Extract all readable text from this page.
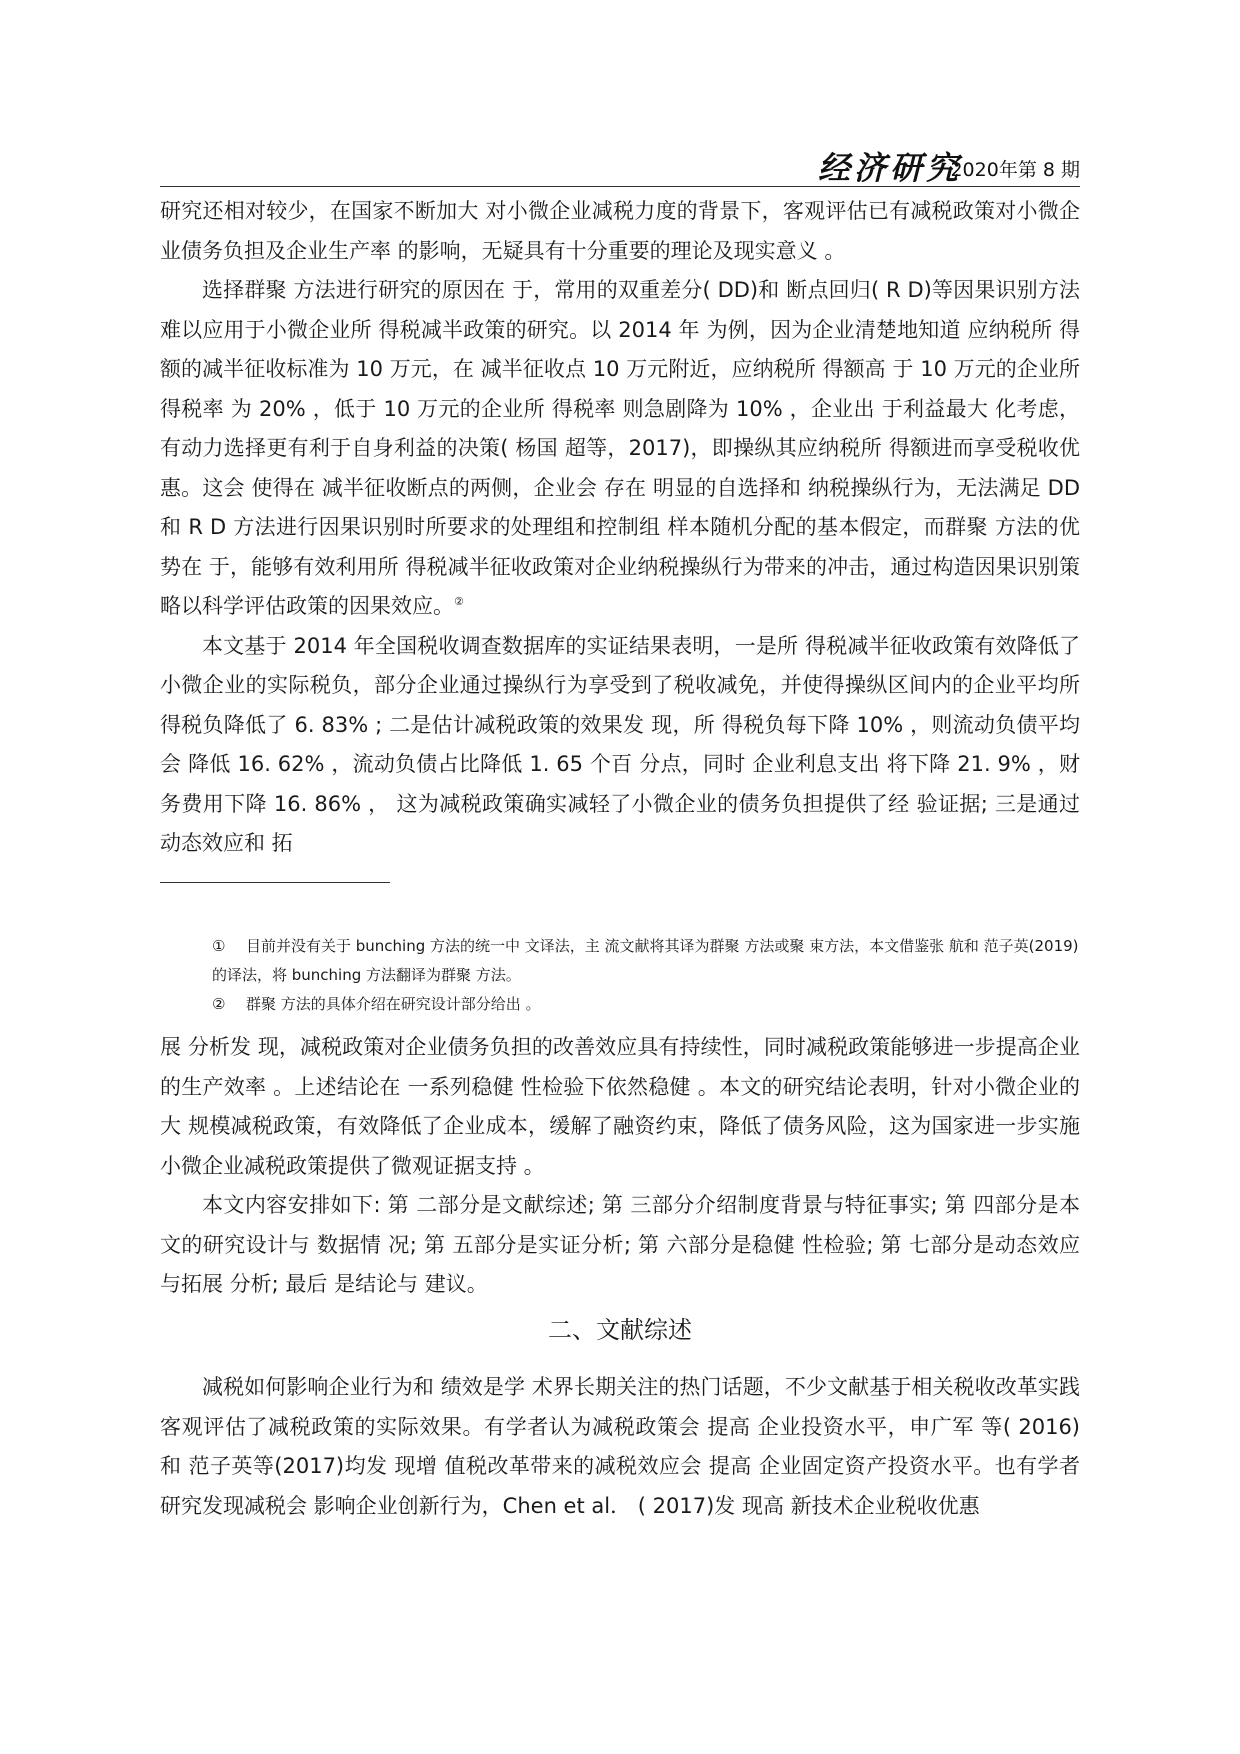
经济研究
2020年第 8 期

研究还相对较少，在国家不断加大 对小微企业减税力度的背景下，客观评估已有减税政策对小微企业债务负担及企业生产率 的影响，无疑具有十分重要的理论及现实意义 。

选择群聚 方法进行研究的原因在 于，常用的双重差分( DD)和 断点回归( R D)等因果识别方法难以应用于小微企业所 得税减半政策的研究。以 2014 年 为例，因为企业清楚地知道 应纳税所 得额的减半征收标准为 10 万元，在 减半征收点 10 万元附近，应纳税所 得额高 于 10 万元的企业所 得税率 为 20% ，低于 10 万元的企业所 得税率 则急剧降为 10% ，企业出 于利益最大 化考虑，有动力选择更有利于自身利益的决策( 杨国 超等，2017)，即操纵其应纳税所 得额进而享受税收优惠。这会 使得在 减半征收断点的两侧，企业会 存在 明显的自选择和 纳税操纵行为，无法满足 DD 和 R D 方法进行因果识别时所要求的处理组和控制组 样本随机分配的基本假定，而群聚 方法的优势在 于，能够有效利用所 得税减半征收政策对企业纳税操纵行为带来的冲击，通过构造因果识别策略以科学评估政策的因果效应。②

本文基于 2014 年全国税收调查数据库的实证结果表明，一是所 得税减半征收政策有效降低了小微企业的实际税负，部分企业通过操纵行为享受到了税收减免，并使得操纵区间内的企业平均所得税负降低了 6. 83% ; 二是估计减税政策的效果发 现，所 得税负每下降 10% ，则流动负债平均会 降低 16. 62% ，流动负债占比降低 1. 65 个百 分点，同时 企业利息支出 将下降 21. 9% ，财务费用下降 16. 86% ， 这为减税政策确实减轻了小微企业的债务负担提供了经 验证据; 三是通过动态效应和 拓

① 目前并没有关于 bunching 方法的统一中 文译法，主 流文献将其译为群聚 方法或聚 束方法，本文借鉴张 航和 范子英(2019) 的译法，将 bunching 方法翻译为群聚 方法。

② 群聚 方法的具体介绍在研究设计部分给出 。

展 分析发 现，减税政策对企业债务负担的改善效应具有持续性，同时减税政策能够进一步提高企业的生产效率 。上述结论在 一系列稳健 性检验下依然稳健 。本文的研究结论表明，针对小微企业的大 规模减税政策，有效降低了企业成本，缓解了融资约束，降低了债务风险，这为国家进一步实施小微企业减税政策提供了微观证据支持 。

本文内容安排如下: 第 二部分是文献综述; 第 三部分介绍制度背景与特征事实; 第 四部分是本文的研究设计与 数据情 况; 第 五部分是实证分析; 第 六部分是稳健 性检验; 第 七部分是动态效应与拓展 分析; 最后 是结论与 建议。

二、文献综述

减税如何影响企业行为和 绩效是学 术界长期关注的热门话题，不少文献基于相关税收改革实践客观评估了减税政策的实际效果。有学者认为减税政策会 提高 企业投资水平，申广军 等( 2016) 和 范子英等(2017)均发 现增 值税改革带来的减税效应会 提高 企业固定资产投资水平。也有学者研究发现减税会 影响企业创新行为，Chen et al． ( 2017)发 现高 新技术企业税收优惠
